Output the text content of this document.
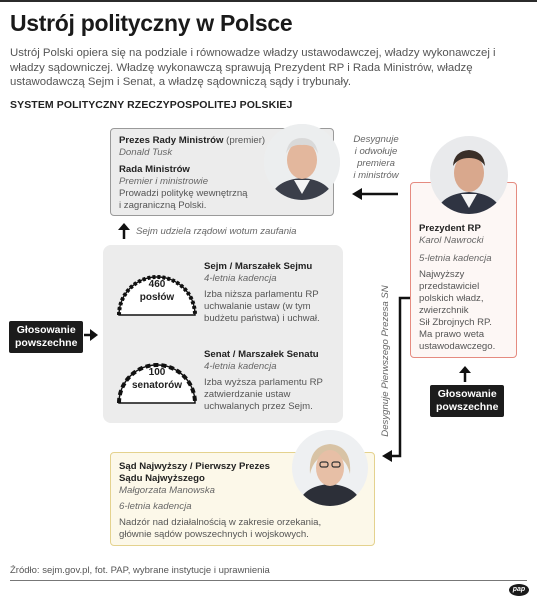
Ustrój polityczny w Polsce
Ustrój Polski opiera się na podziale i równowadze władzy ustawodawczej, władzy wykonawczej i władzy sądowniczej. Władzę wykonawczą sprawują Prezydent RP i Rada Ministrów, władzę ustawodawczą Sejm i Senat, a władzę sądowniczą sądy i trybunały.
SYSTEM POLITYCZNY RZECZYPOSPOLITEJ POLSKIEJ
Prezes Rady Ministrów (premier)
Donald Tusk
Rada Ministrów
Premier i ministrowie
Prowadzi politykę wewnętrzną
i zagraniczną Polski.
Desygnuje
i odwołuje
premiera
i ministrów
Prezydent RP
Karol Nawrocki
5-letnia kadencja
Najwyższy
przedstawiciel
polskich władz,
zwierzchnik
Sił Zbrojnych RP.
Ma prawo weta
ustawodawczego.
Sejm udziela rządowi wotum zaufania
460
posłów
Sejm / Marszałek Sejmu
4-letnia kadencja
Izba niższa parlamentu RP
uchwalanie ustaw (w tym
budżetu państwa) i uchwał.
100
senatorów
Senat / Marszałek Senatu
4-letnia kadencja
Izba wyższa parlamentu RP
zatwierdzanie ustaw
uchwalanych przez Sejm.
Głosowanie
powszechne
Głosowanie
powszechne
Desygnuje Pierwszego Prezesa SN
Sąd Najwyższy / Pierwszy Prezes
Sądu Najwyższego
Małgorzata Manowska
6-letnia kadencja
Nadzór nad działalnością w zakresie orzekania,
głównie sądów powszechnych i wojskowych.
Źródło: sejm.gov.pl, fot. PAP, wybrane instytucje i uprawnienia
pap
